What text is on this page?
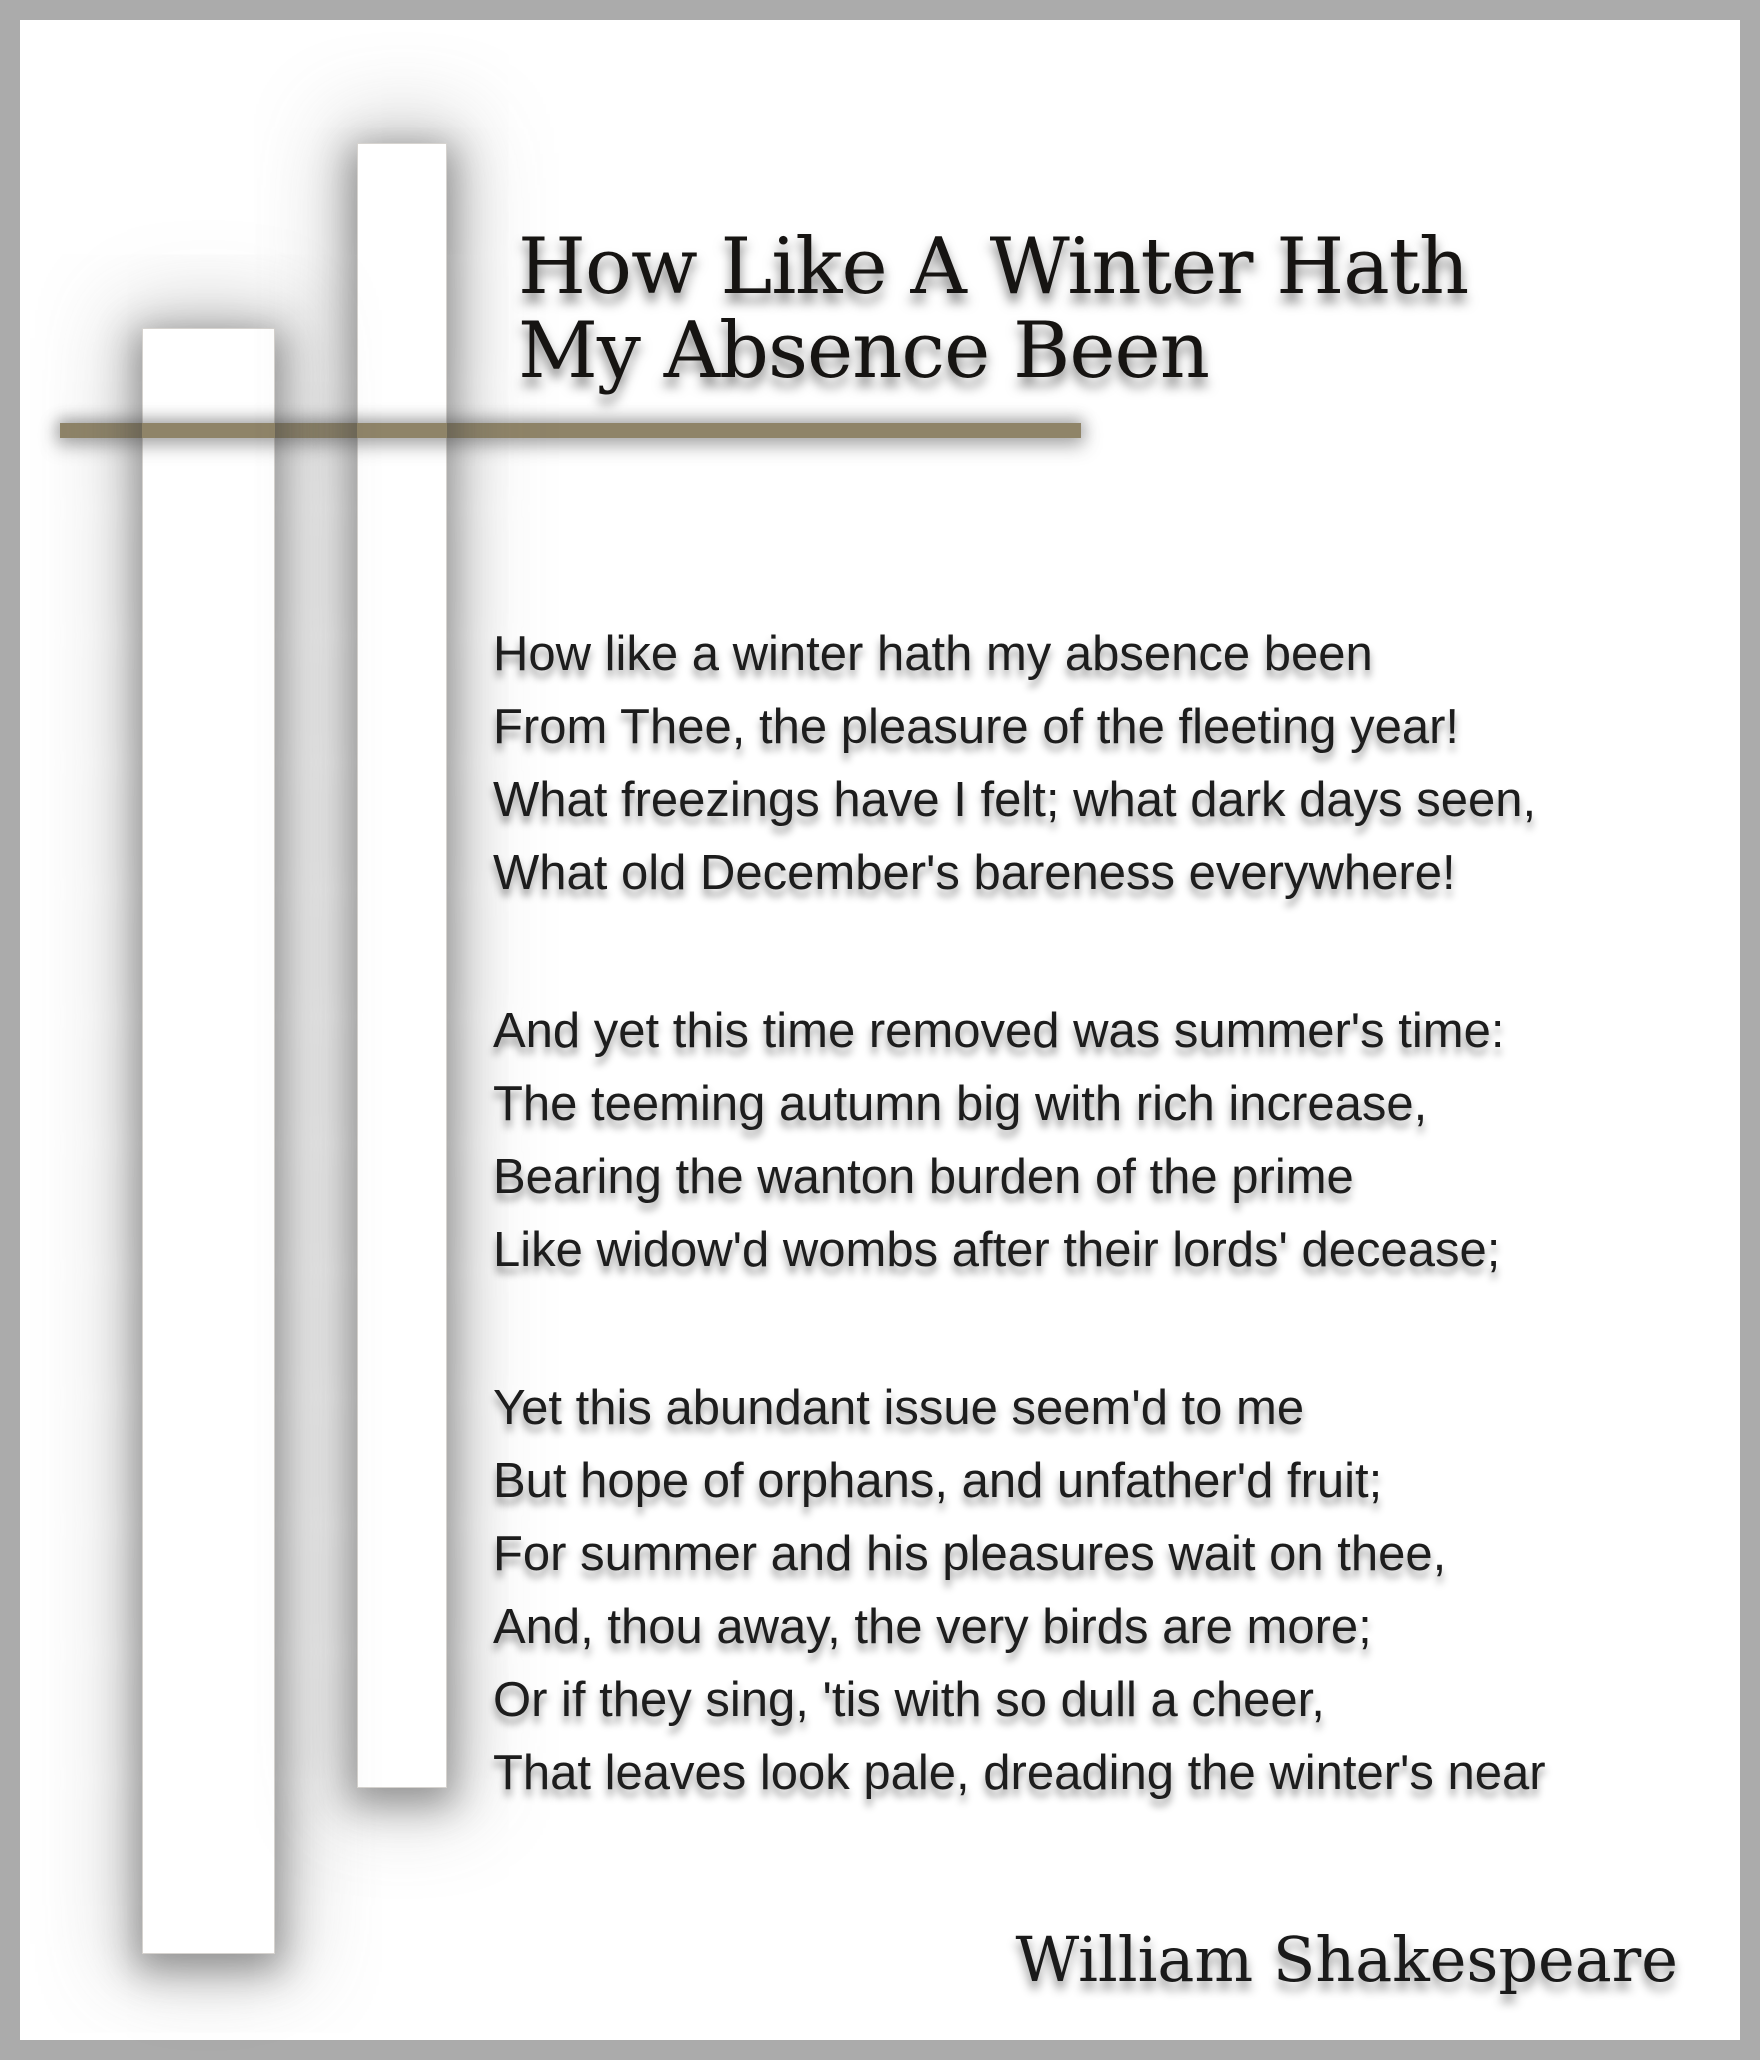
How Like A Winter Hath
My Absence Been
How like a winter hath my absence been
From Thee, the pleasure of the fleeting year!
What freezings have I felt; what dark days seen,
What old December's bareness everywhere!
And yet this time removed was summer's time:
The teeming autumn big with rich increase,
Bearing the wanton burden of the prime
Like widow'd wombs after their lords' decease;
Yet this abundant issue seem'd to me
But hope of orphans, and unfather'd fruit;
For summer and his pleasures wait on thee,
And, thou away, the very birds are more;
Or if they sing, 'tis with so dull a cheer,
That leaves look pale, dreading the winter's near
William Shakespeare
